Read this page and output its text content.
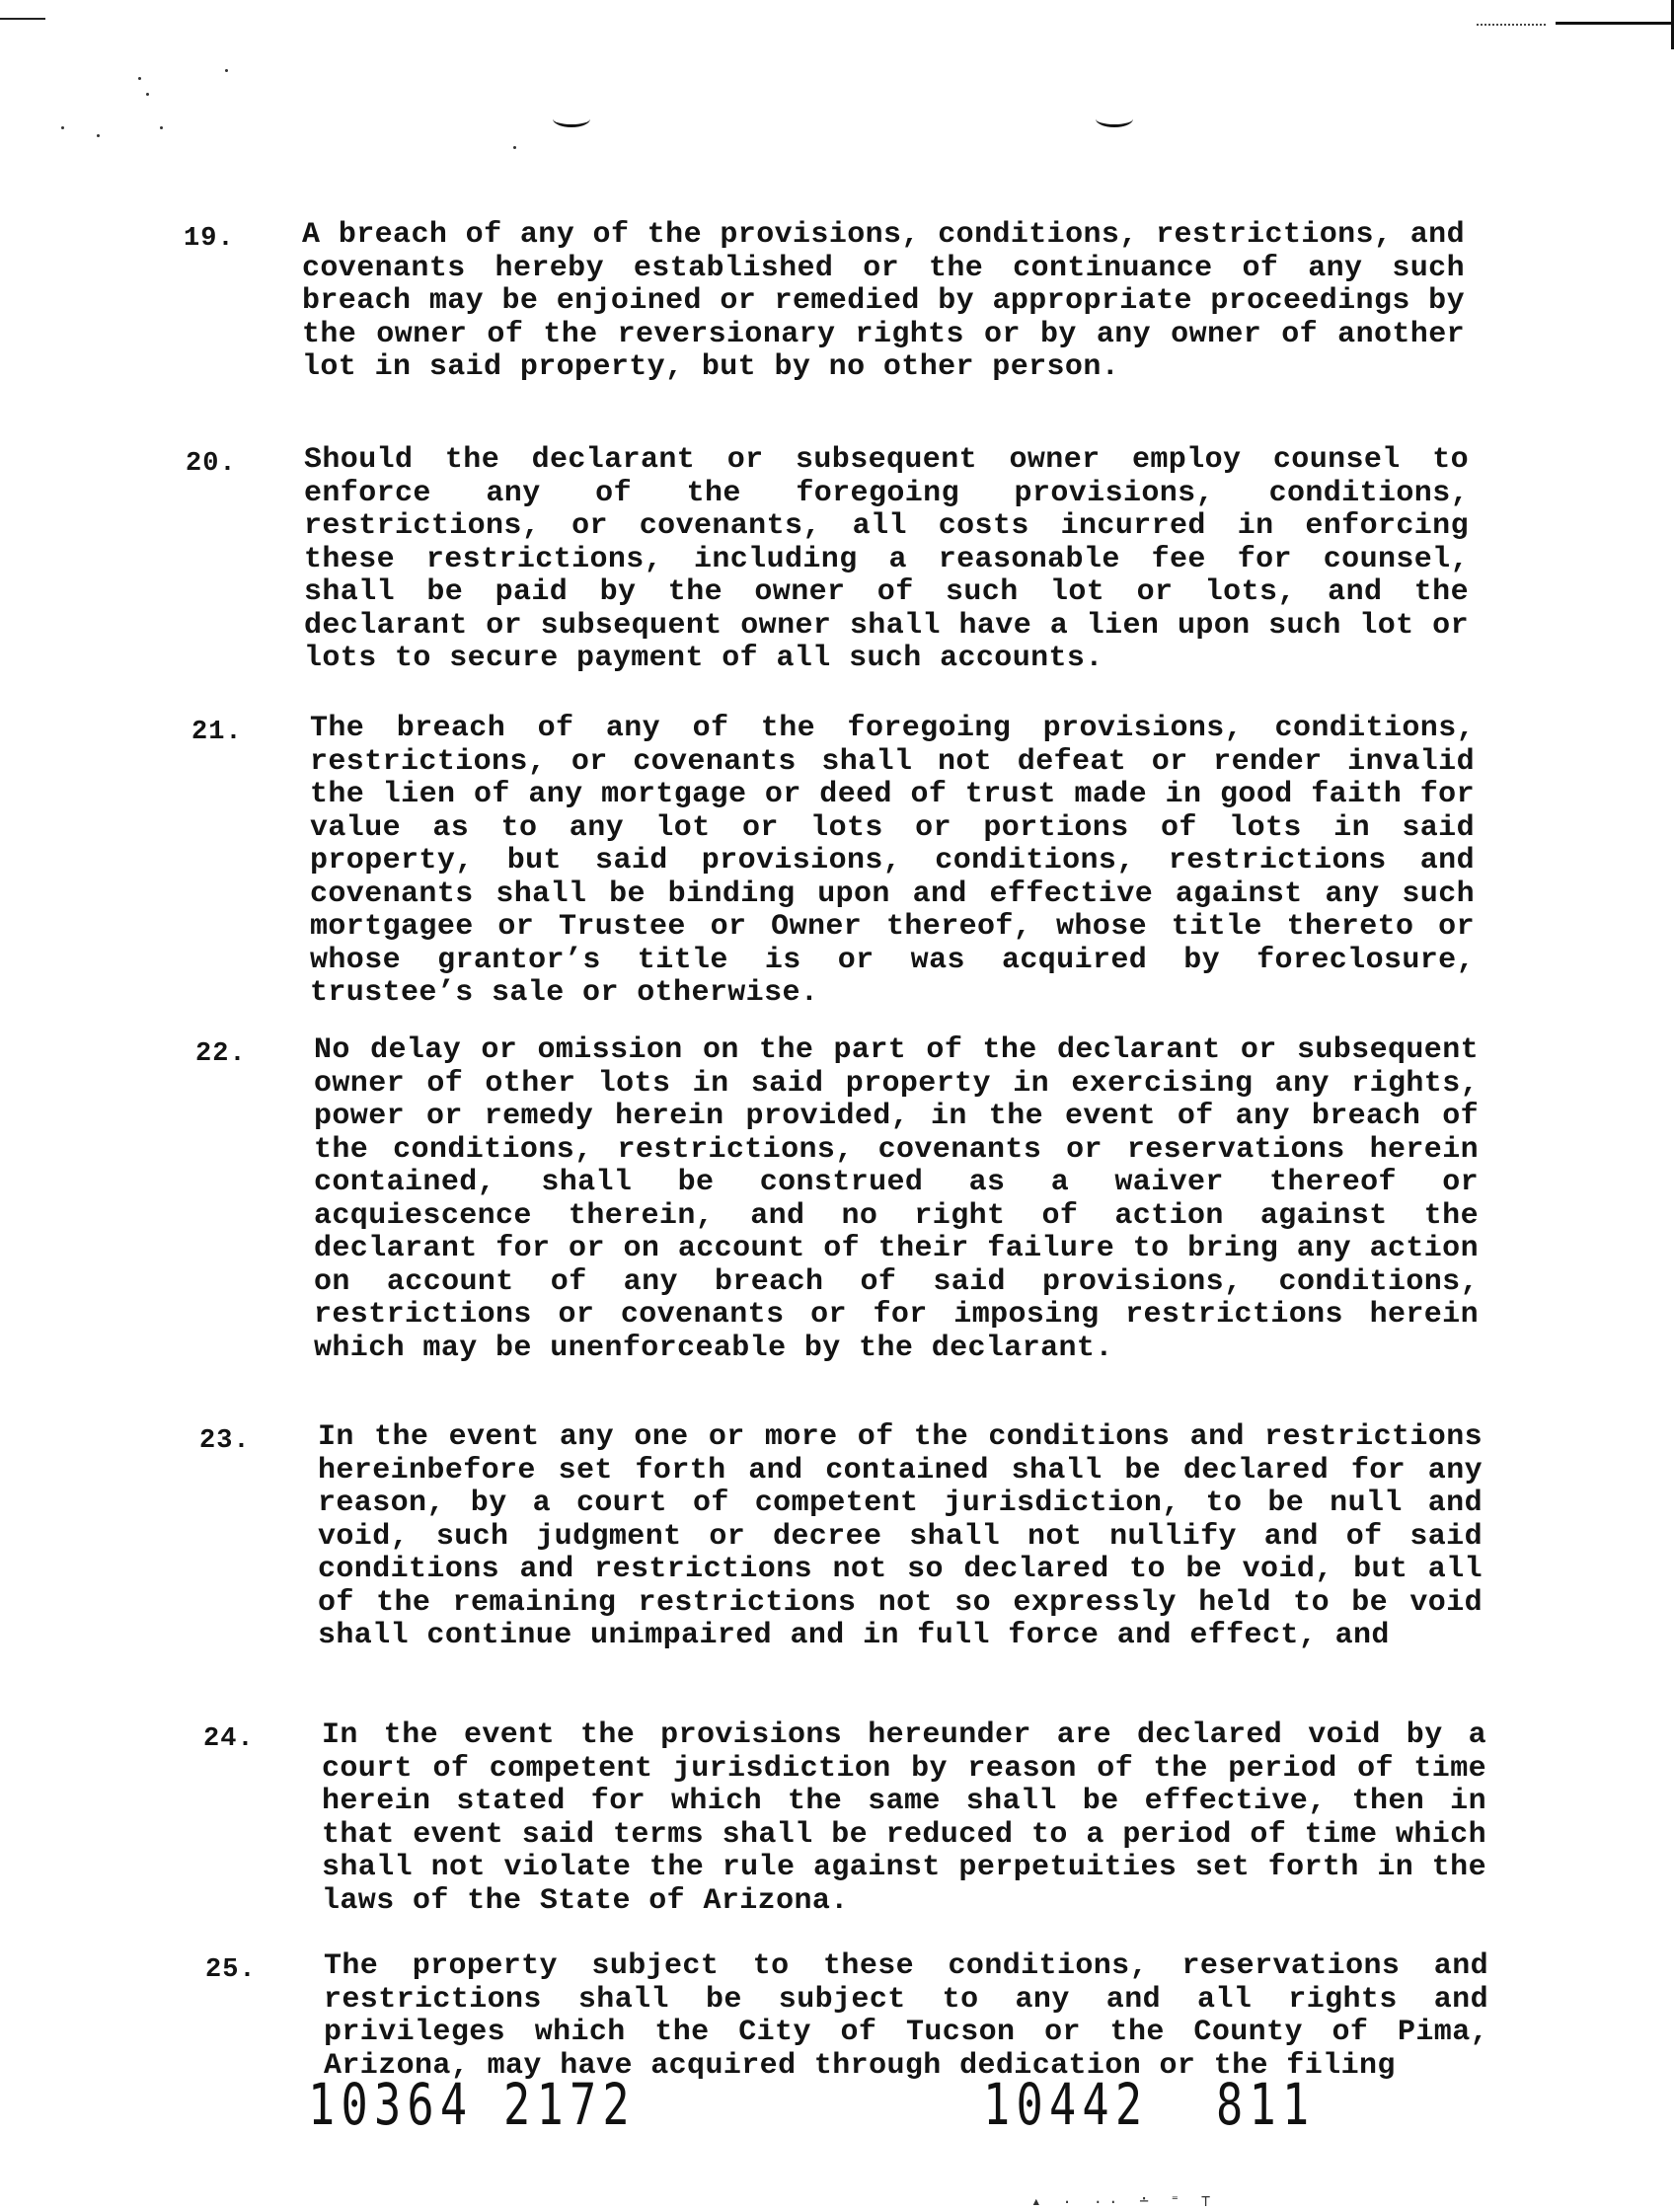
19.	A breach of any of the provisions, conditions, restrictions, and covenants hereby established or the continuance of any such breach may be enjoined or remedied by appropriate proceedings by the owner of the reversionary rights or by any owner of another lot in said property, but by no other person.
20.	Should the declarant or subsequent owner employ counsel to enforce any of the foregoing provisions, conditions, restrictions, or covenants, all costs incurred in enforcing these restrictions, including a reasonable fee for counsel, shall be paid by the owner of such lot or lots, and the declarant or subsequent owner shall have a lien upon such lot or lots to secure payment of all such accounts.
21.	The breach of any of the foregoing provisions, conditions, restrictions, or covenants shall not defeat or render invalid the lien of any mortgage or deed of trust made in good faith for value as to any lot or lots or portions of lots in said property, but said provisions, conditions, restrictions and covenants shall be binding upon and effective against any such mortgagee or Trustee or Owner thereof, whose title thereto or whose grantor’s title is or was acquired by foreclosure, trustee’s sale or otherwise.
22.	No delay or omission on the part of the declarant or subsequent owner of other lots in said property in exercising any rights, power or remedy herein provided, in the event of any breach of the conditions, restrictions, covenants or reservations herein contained, shall be construed as a waiver thereof or acquiescence therein, and no right of action against the declarant for or on account of their failure to bring any action on account of any breach of said provisions, conditions, restrictions or covenants or for imposing restrictions herein which may be unenforceable by the declarant.
23.	In the event any one or more of the conditions and restrictions hereinbefore set forth and contained shall be declared for any reason, by a court of competent jurisdiction, to be null and void, such judgment or decree shall not nullify and of said conditions and restrictions not so declared to be void, but all of the remaining restrictions not so expressly held to be void shall continue unimpaired and in full force and effect, and
24.	In the event the provisions hereunder are declared void by a court of competent jurisdiction by reason of the period of time herein stated for which the same shall be effective, then in that event said terms shall be reduced to a period of time which shall not violate the rule against perpetuities set forth in the laws of the State of Arizona.
25.	The property subject to these conditions, reservations and restrictions shall be subject to any and all rights and privileges which the City of Tucson or the County of Pima, Arizona, may have acquired through dedication or the filing
10364 2172	10442 811
▴ · ·· ∸ ⁼ ⊤
